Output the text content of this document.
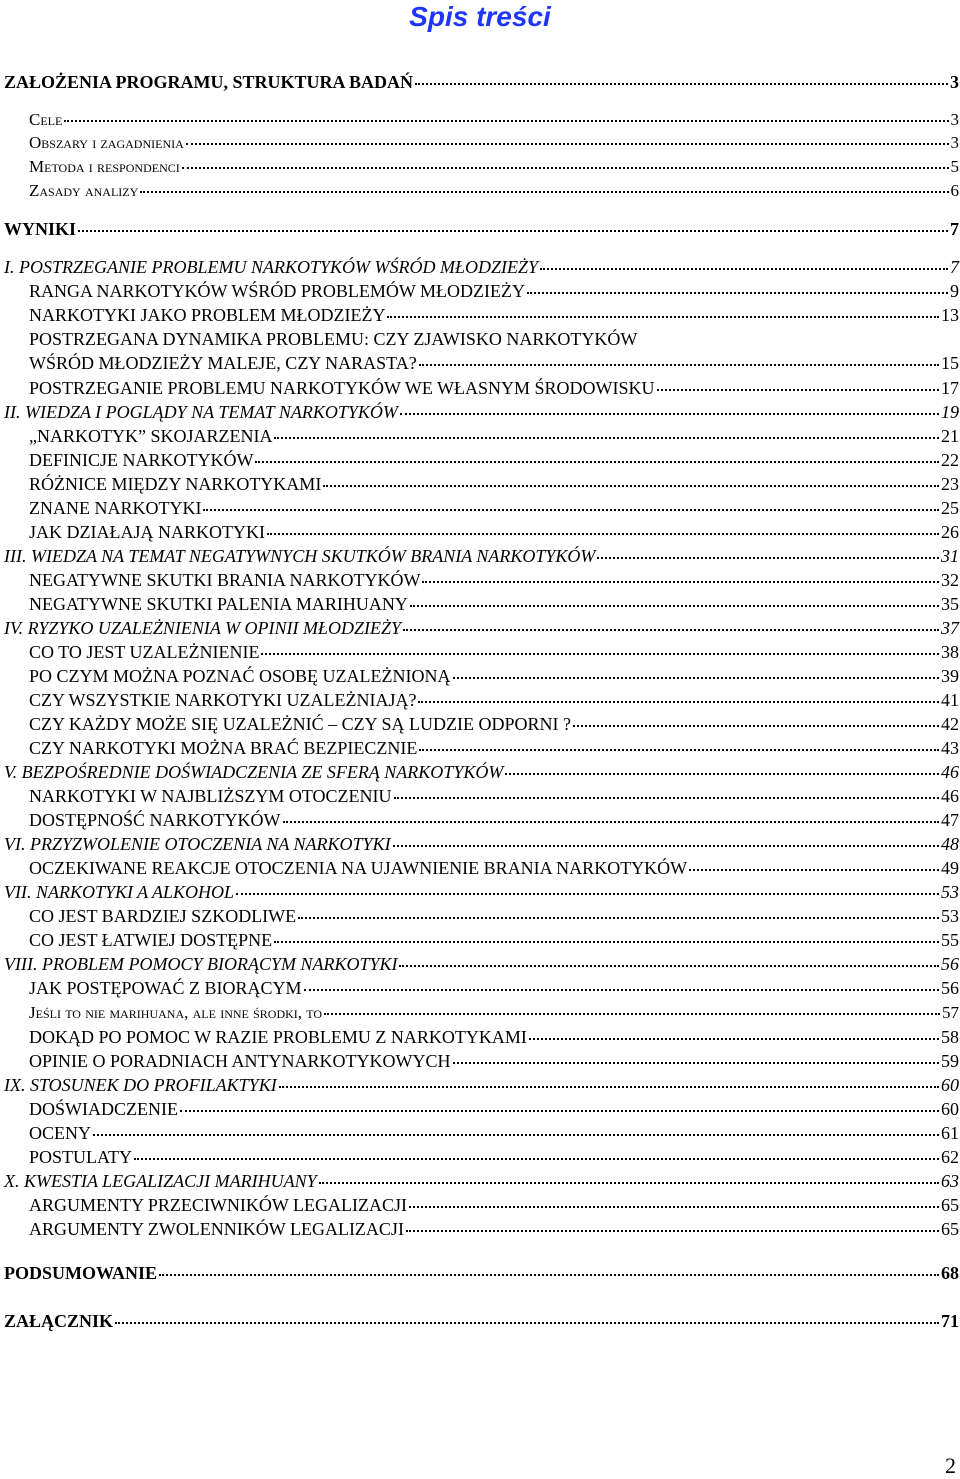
Spis treści
ZAŁOŻENIA PROGRAMU, STRUKTURA BADAŃ	3
Cele	3
Obszary i zagadnienia	3
Metoda i respondenci	5
Zasady analizy	6
WYNIKI	7
I. POSTRZEGANIE PROBLEMU NARKOTYKÓW WŚRÓD MŁODZIEŻY	7
RANGA NARKOTYKÓW WŚRÓD PROBLEMÓW MŁODZIEŻY	9
NARKOTYKI JAKO PROBLEM MŁODZIEŻY	13
POSTRZEGANA DYNAMIKA PROBLEMU: CZY ZJAWISKO NARKOTYKÓW
WŚRÓD MŁODZIEŻY MALEJE, CZY NARASTA?	15
POSTRZEGANIE PROBLEMU NARKOTYKÓW WE WŁASNYM ŚRODOWISKU	17
II. WIEDZA I POGLĄDY NA TEMAT NARKOTYKÓW	19
„NARKOTYK” SKOJARZENIA	21
DEFINICJE NARKOTYKÓW	22
RÓŻNICE MIĘDZY NARKOTYKAMI	23
ZNANE NARKOTYKI	25
JAK DZIAŁAJĄ NARKOTYKI	26
III. WIEDZA NA TEMAT NEGATYWNYCH SKUTKÓW BRANIA NARKOTYKÓW	31
NEGATYWNE SKUTKI BRANIA NARKOTYKÓW	32
NEGATYWNE SKUTKI PALENIA MARIHUANY	35
IV. RYZYKO UZALEŻNIENIA W OPINII MŁODZIEŻY	37
CO TO JEST UZALEŻNIENIE	38
PO CZYM MOŻNA POZNAĆ OSOBĘ UZALEŻNIONĄ	39
CZY WSZYSTKIE NARKOTYKI UZALEŻNIAJĄ?	41
CZY KAŻDY MOŻE SIĘ UZALEŻNIĆ – CZY SĄ LUDZIE ODPORNI ?	42
CZY NARKOTYKI MOŻNA BRAĆ BEZPIECZNIE	43
V. BEZPOŚREDNIE DOŚWIADCZENIA ZE SFERĄ NARKOTYKÓW	46
NARKOTYKI W NAJBLIŻSZYM OTOCZENIU	46
DOSTĘPNOŚĆ NARKOTYKÓW	47
VI. PRZYZWOLENIE OTOCZENIA NA NARKOTYKI	48
OCZEKIWANE REAKCJE OTOCZENIA NA UJAWNIENIE BRANIA NARKOTYKÓW	49
VII. NARKOTYKI A ALKOHOL	53
CO JEST BARDZIEJ SZKODLIWE	53
CO JEST ŁATWIEJ DOSTĘPNE	55
VIII. PROBLEM POMOCY BIORĄCYM NARKOTYKI	56
JAK POSTĘPOWAĆ Z BIORĄCYM	56
Jeśli to nie marihuana, ale inne środki, to	57
DOKĄD PO POMOC W RAZIE PROBLEMU Z NARKOTYKAMI	58
OPINIE O PORADNIACH ANTYNARKOTYKOWYCH	59
IX. STOSUNEK DO PROFILAKTYKI	60
DOŚWIADCZENIE	60
OCENY	61
POSTULATY	62
X. KWESTIA LEGALIZACJI MARIHUANY	63
ARGUMENTY PRZECIWNIKÓW LEGALIZACJI	65
ARGUMENTY ZWOLENNIKÓW LEGALIZACJI	65
PODSUMOWANIE	68
ZAŁĄCZNIK	71
2
